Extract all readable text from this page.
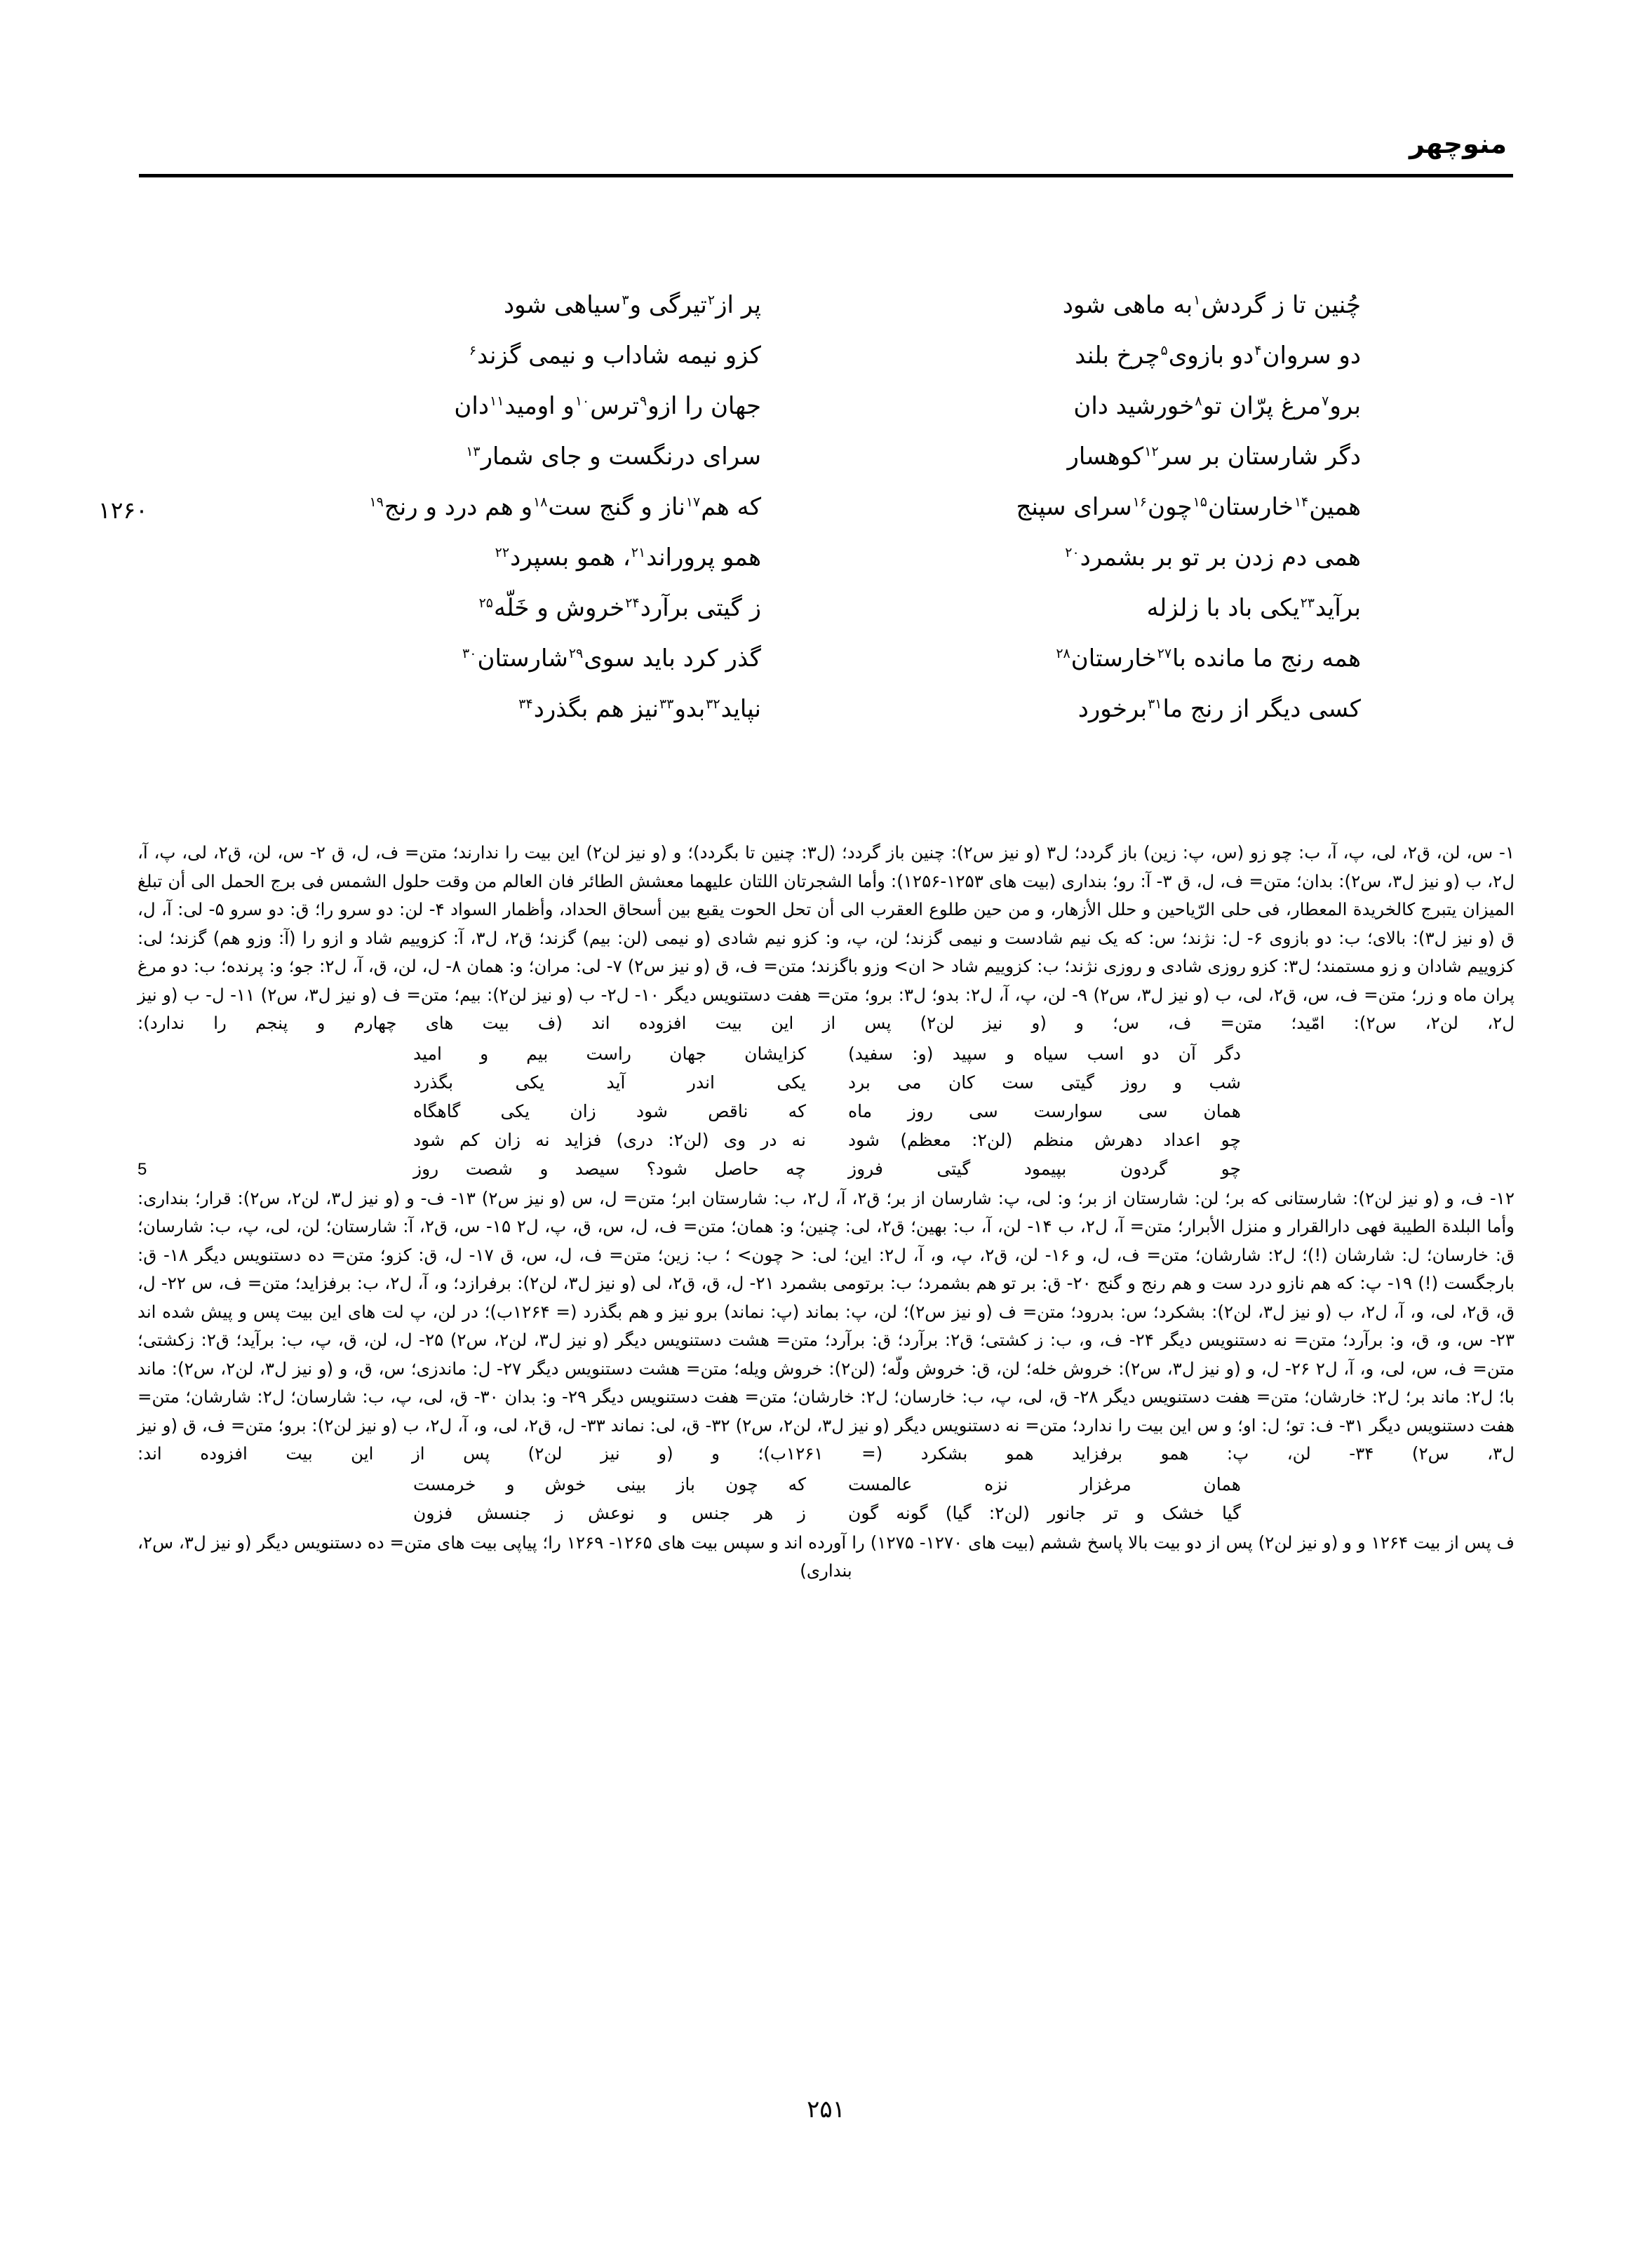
منوچهر
چُنین تا ز گردش$^۱$به ماهی شود
پر از$^۲$تیرگی و$^۳$سیاهی شود
دو سروان$^۴$دو بازوی$^۵$چرخ بلند
کزو نیمه شاداب و نیمی گزند$^۶$
برو$^۷$مرغ پرّان تو$^۸$خورشید دان
جهان را ازو$^۹$ترس$^{۱۰}$و اومید$^{۱۱}$دان
دگر شارستان بر سر$^{۱۲}$کوهسار
سرای درنگست و جای شمار$^{۱۳}$
۱۲۶۰	همین$^{۱۴}$خارستان$^{۱۵}$چون$^{۱۶}$سرای سپنج
که هم$^{۱۷}$ناز و گنج ست$^{۱۸}$و هم درد و رنج$^{۱۹}$
همی دم زدن بر تو بر بشمرد$^{۲۰}$
همو پروراند$^{۲۱}$، همو بسپرد$^{۲۲}$
برآید$^{۲۳}$یکی باد با زلزله
ز گیتی برآرد$^{۲۴}$خروش و خَلّه$^{۲۵}$
همه رنج ما مانده با$^{۲۷}$خارستان$^{۲۸}$
گذر کرد باید سوی$^{۲۹}$شارستان$^{۳۰}$
کسی دیگر از رنج ما$^{۳۱}$برخورد
نپاید$^{۳۲}$بدو$^{۳۳}$نیز هم بگذرد$^{۳۴}$

۱- س، لن، ق۲، لی، پ، آ، ب: چو زو (س، پ: زین) باز گردد؛ ل۳ (و نیز س۲): چنین باز گردد؛ (ل۳: چنین تا بگردد)؛ و (و نیز لن۲) این بیت را ندارند؛ متن= ف، ل، ق ۲- س، لن، ق۲، لی، پ، آ، ل۲، ب (و نیز ل۳، س۲): بدان؛ متن= ف، ل، ق ۳- آ: رو؛ بنداری (بیت های ۱۲۵۳-۱۲۵۶): وأما الشجرتان اللتان علیهما معشش الطائر فان العالم من وقت حلول الشمس فی برج الحمل الی أن تبلغ المیزان یتبرج کالخریدة المعطار، فی حلی الرّیاحین و حلل الأزهار، و من حین طلوع العقرب الی أن تحل الحوت یقبع بین أسحاق الحداد، وأظمار السواد ۴- لن: دو سرو را؛ ق: دو سرو ۵- لی: آ، ل، ق (و نیز ل۳): بالای؛ ب: دو بازوی ۶- ل: نژند؛ س: که یک نیم شادست و نیمی گزند؛ لن، پ، و: کزو نیم شادی (و نیمی (لن: بیم) گزند؛ ق۲، ل۳، آ: کزوییم شاد و ازو را (آ: وزو هم) گزند؛ لی: کزوییم شادان و زو مستمند؛ ل۳: کزو روزی شادی و روزی نژند؛ ب: کزوییم شاد < ان> وزو باگزند؛ متن= ف، ق (و نیز س۲) ۷- لی: مران؛ و: همان ۸- ل، لن، ق، آ، ل۲: جو؛ و: پرنده؛ ب: دو مرغ پران ماه و زر؛ متن= ف، س، ق۲، لی، ب (و نیز ل۳، س۲) ۹- لن، پ، آ، ل۲: بدو؛ ل۳: برو؛ متن= هفت دستنویس دیگر ۱۰- ل۲- ب (و نیز لن۲): بیم؛ متن= ف (و نیز ل۳، س۲) ۱۱- ل- ب (و نیز ل۲، لن۲، س۲): امّید؛ متن= ف، س؛ و (و نیز لن۲) پس از این بیت افزوده اند (ف بیت های چهارم و پنجم را ندارد):

دگر آن دو اسب سیاه و سپید (و: سفید)
کزایشان جهان راست بیم و امید
شب و روز گیتی ست کان می برد
یکی اندر آید یکی بگذرد
همان سی سوارست سی روز ماه
که ناقص شود زان یکی گاهگاه
چو اعداد دهرش منظم (لن۲: معظم) شود
نه در وی (لن۲: دری) فزاید نه زان کم شود
5	چو گردون بپیمود گیتی فروز
چه حاصل شود؟ سیصد و شصت روز

۱۲- ف، و (و نیز لن۲): شارستانی که بر؛ لن: شارستان از بر؛ و: لی، پ: شارسان از بر؛ ق۲، آ، ل۲، ب: شارستان ابر؛ متن= ل، س (و نیز س۲) ۱۳- ف- و (و نیز ل۳، لن۲، س۲): قرار؛ بنداری: وأما البلدة الطیبة فهی دارالقرار و منزل الأبرار؛ متن= آ، ل۲، ب ۱۴- لن، آ، ب: بهین؛ ق۲، لی: چنین؛ و: همان؛ متن= ف، ل، س، ق، پ، ل۲ ۱۵- س، ق۲، آ: شارستان؛ لن، لی، پ، ب: شارسان؛ ق: خارسان؛ ل: شارشان (!)؛ ل۲: شارشان؛ متن= ف، ل، و ۱۶- لن، ق۲، پ، و، آ، ل۲: این؛ لی: < چون> ؛ ب: زین؛ متن= ف، ل، س، ق ۱۷- ل، ق: کزو؛ متن= ده دستنویس دیگر ۱۸- ق: بارجگست (!) ۱۹- پ: که هم نازو درد ست و هم رنج و گنج ۲۰- ق: بر تو هم بشمرد؛ ب: برتومی بشمرد ۲۱- ل، ق، ق۲، لی (و نیز ل۳، لن۲): برفرازد؛ و، آ، ل۲، ب: برفزاید؛ متن= ف، س ۲۲- ل، ق، ق۲، لی، و، آ، ل۲، ب (و نیز ل۳، لن۲): بشکرد؛ س: بدرود؛ متن= ف (و نیز س۲)؛ لن، پ: بماند (پ: نماند) برو نیز و هم بگذرد (= ۱۲۶۴ب)؛ در لن، پ لت های این بیت پس و پیش شده اند ۲۳- س، و، ق، و: برآرد؛ متن= نه دستنویس دیگر ۲۴- ف، و، ب: ز کشتی؛ ق۲: برآرد؛ ق: برآرد؛ متن= هشت دستنویس دیگر (و نیز ل۳، لن۲، س۲) ۲۵- ل، لن، ق، پ، ب: برآید؛ ق۲: زکشتی؛ متن= ف، س، لی، و، آ، ل۲ ۲۶- ل، و (و نیز ل۳، س۲): خروش خله؛ لن، ق: خروش ولّه؛ (لن۲): خروش ویله؛ متن= هشت دستنویس دیگر ۲۷- ل: ماندزی؛ س، ق، و (و نیز ل۳، لن۲، س۲): ماند با؛ ل۲: ماند بر؛ ل۲: خارشان؛ متن= هفت دستنویس دیگر ۲۸- ق، لی، پ، ب: خارسان؛ ل۲: خارشان؛ متن= هفت دستنویس دیگر ۲۹- و: بدان ۳۰- ق، لی، پ، ب: شارسان؛ ل۲: شارشان؛ متن= هفت دستنویس دیگر ۳۱- ف: تو؛ ل: او؛ و س این بیت را ندارد؛ متن= نه دستنویس دیگر (و نیز ل۳، لن۲، س۲) ۳۲- ق، لی: نماند ۳۳- ل، ق۲، لی، و، آ، ل۲، ب (و نیز لن۲): برو؛ متن= ف، ق (و نیز ل۳، س۲) ۳۴- لن، پ: همو برفزاید همو بشکرد (= ۱۲۶۱ب)؛ و (و نیز لن۲) پس از این بیت افزوده اند:

همان مرغزار نزه عالمست
که چون باز بینی خوش و خرمست
گیا خشک و تر جانور (لن۲: گیا) گونه گون
ز هر جنس و نوعش ز جنسش فزون

ف پس از بیت ۱۲۶۴ و و (و نیز لن۲) پس از دو بیت بالا پاسخ ششم (بیت های ۱۲۷۰- ۱۲۷۵) را آورده اند و سپس بیت های ۱۲۶۵- ۱۲۶۹ را؛ پیاپی بیت های متن= ده دستنویس دیگر (و نیز ل۳، س۲، بنداری)

۲۵۱
